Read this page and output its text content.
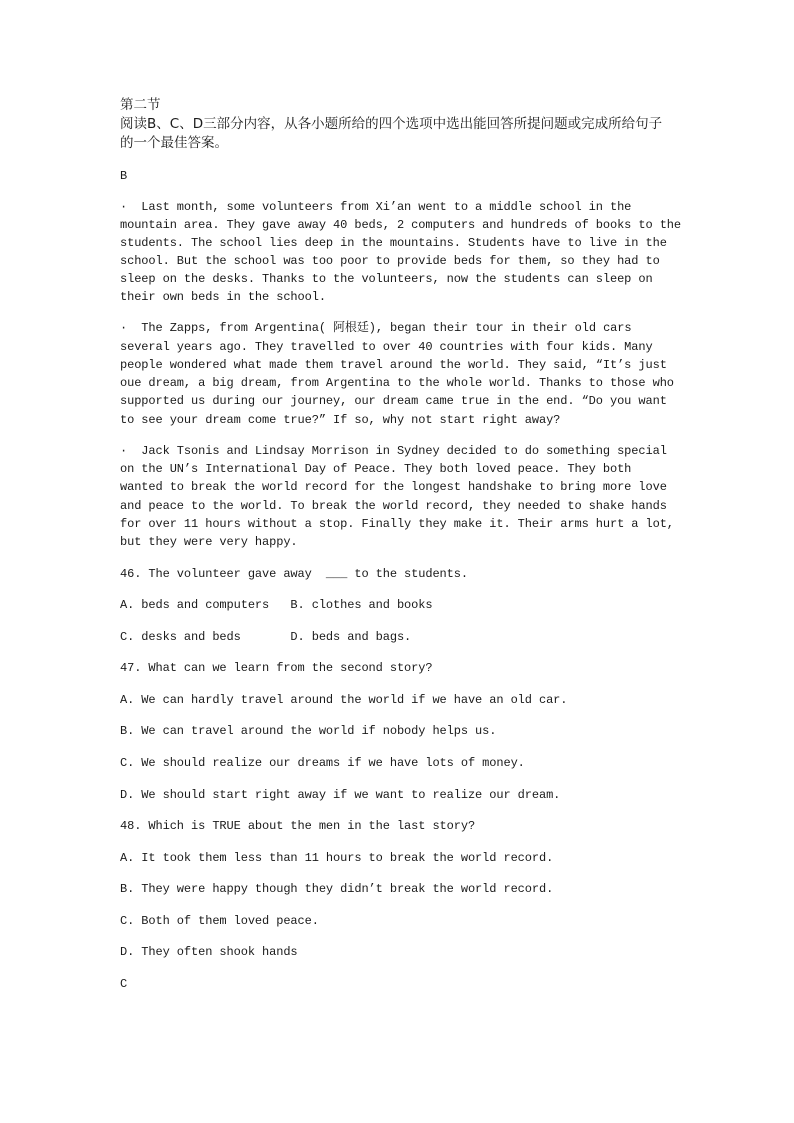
第二节
阅读B、C、D三部分内容，从各小题所给的四个选项中选出能回答所提问题或完成所给句子
的一个最佳答案。
B
·  Last month, some volunteers from Xi’an went to a middle school in the
mountain area. They gave away 40 beds, 2 computers and hundreds of books to the
students. The school lies deep in the mountains. Students have to live in the
school. But the school was too poor to provide beds for them, so they had to
sleep on the desks. Thanks to the volunteers, now the students can sleep on
their own beds in the school.
·  The Zapps, from Argentina( 阿根廷), began their tour in their old cars
several years ago. They travelled to over 40 countries with four kids. Many
people wondered what made them travel around the world. They said, “It’s just
oue dream, a big dream, from Argentina to the whole world. Thanks to those who
supported us during our journey, our dream came true in the end. “Do you want
to see your dream come true?” If so, why not start right away?
·  Jack Tsonis and Lindsay Morrison in Sydney decided to do something special
on the UN’s International Day of Peace. They both loved peace. They both
wanted to break the world record for the longest handshake to bring more love
and peace to the world. To break the world record, they needed to shake hands
for over 11 hours without a stop. Finally they make it. Their arms hurt a lot,
but they were very happy.
46. The volunteer gave away  ___ to the students.
A. beds and computers   B. clothes and books
C. desks and beds       D. beds and bags.
47. What can we learn from the second story?
A. We can hardly travel around the world if we have an old car.
B. We can travel around the world if nobody helps us.
C. We should realize our dreams if we have lots of money.
D. We should start right away if we want to realize our dream.
48. Which is TRUE about the men in the last story?
A. It took them less than 11 hours to break the world record.
B. They were happy though they didn’t break the world record.
C. Both of them loved peace.
D. They often shook hands
C
